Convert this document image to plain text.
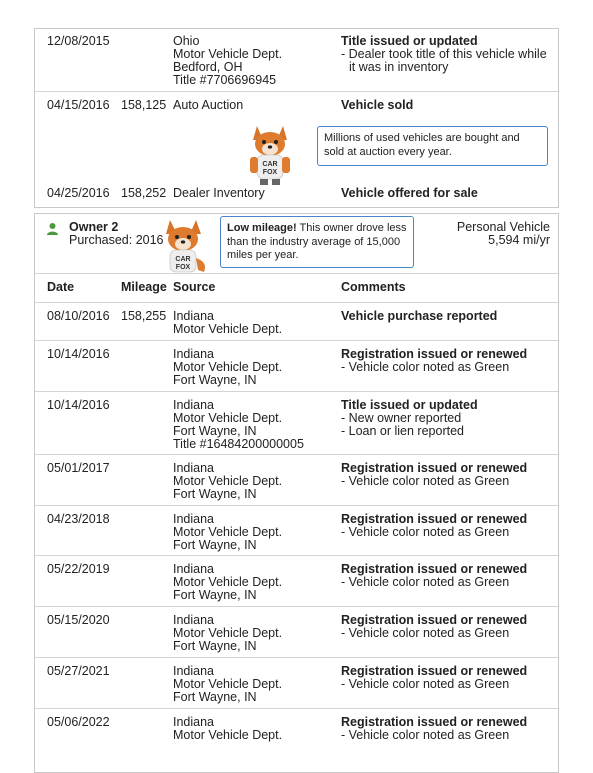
12/08/2015	Ohio
Motor Vehicle Dept.
Bedford, OH
Title #7706696945
Title issued or updated
- Dealer took title of this vehicle while it was in inventory
04/15/2016 158,125 Auto Auction	Vehicle sold
04/25/2016 158,252 Dealer Inventory	Vehicle offered for sale
CAR
FOX
Millions of used vehicles are bought and sold at auction every year.
Owner 2
Purchased: 2016
CAR
FOX
Low mileage! This owner drove less than the industry average of 15,000 miles per year.
Personal Vehicle
5,594 mi/yr
Date	Mileage Source	Comments
08/10/2016 158,255 Indiana
Motor Vehicle Dept.
Vehicle purchase reported
10/14/2016	Indiana
Motor Vehicle Dept.
Fort Wayne, IN
Registration issued or renewed
- Vehicle color noted as Green
10/14/2016	Indiana
Motor Vehicle Dept.
Fort Wayne, IN
Title #16484200000005
Title issued or updated
- New owner reported
- Loan or lien reported
05/01/2017	Indiana
Motor Vehicle Dept.
Fort Wayne, IN
Registration issued or renewed
- Vehicle color noted as Green
04/23/2018	Indiana
Motor Vehicle Dept.
Fort Wayne, IN
Registration issued or renewed
- Vehicle color noted as Green
05/22/2019	Indiana
Motor Vehicle Dept.
Fort Wayne, IN
Registration issued or renewed
- Vehicle color noted as Green
05/15/2020	Indiana
Motor Vehicle Dept.
Fort Wayne, IN
Registration issued or renewed
- Vehicle color noted as Green
05/27/2021	Indiana
Motor Vehicle Dept.
Fort Wayne, IN
Registration issued or renewed
- Vehicle color noted as Green
05/06/2022	Indiana
Motor Vehicle Dept.
Registration issued or renewed
- Vehicle color noted as Green
